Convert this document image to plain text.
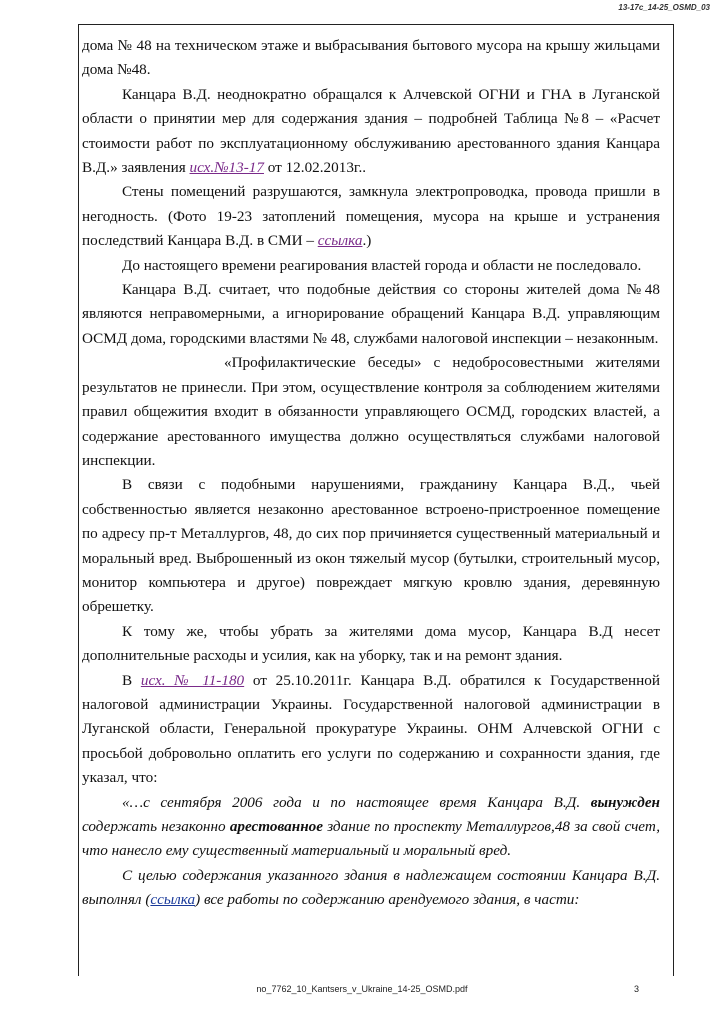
13-17c_14-25_OSMD_03

дома № 48 на техническом этаже и выбрасывания бытового мусора на крышу жильцами дома №48.

Канцара В.Д. неоднократно обращался к Алчевской ОГНИ и ГНА в Луганской области о принятии мер для содержания здания – подробней Таблица №8 – «Расчет стоимости работ по эксплуатационному обслуживанию арестованного здания Канцара В.Д.» заявления исх.№13-17 от 12.02.2013г..

Стены помещений разрушаются, замкнула электропроводка, провода пришли в негодность. (Фото 19-23 затоплений помещения, мусора на крыше и устранения последствий Канцара В.Д. в СМИ – ссылка.)

До настоящего времени реагирования властей города и области не последовало.

Канцара В.Д. считает, что подобные действия со стороны жителей дома №48 являются неправомерными, а игнорирование обращений Канцара В.Д. управляющим ОСМД дома, городскими властями № 48, службами налоговой инспекции – незаконным.

«Профилактические беседы» с недобросовестными жителями результатов не принесли. При этом, осуществление контроля за соблюдением жителями правил общежития входит в обязанности управляющего ОСМД, городских властей, а содержание арестованного имущества должно осуществляться службами налоговой инспекции.

В связи с подобными нарушениями, гражданину Канцара В.Д., чьей собственностью является незаконно арестованное встроено-пристроенное помещение по адресу пр-т Металлургов, 48, до сих пор причиняется существенный материальный и моральный вред. Выброшенный из окон тяжелый мусор (бутылки, строительный мусор, монитор компьютера и другое) повреждает мягкую кровлю здания, деревянную обрешетку.

К тому же, чтобы убрать за жителями дома мусор, Канцара В.Д несет дополнительные расходы и усилия, как на уборку, так и на ремонт здания.

В исх. № 11-180 от 25.10.2011г. Канцара В.Д. обратился к Государственной налоговой администрации Украины. Государственной налоговой администрации в Луганской области, Генеральной прокуратуре Украины. ОНМ Алчевской ОГНИ с просьбой добровольно оплатить его услуги по содержанию и сохранности здания, где указал, что:

«…с сентября 2006 года и по настоящее время Канцара В.Д. вынужден содержать незаконно арестованное здание по проспекту Металлургов,48 за свой счет, что нанесло ему существенный материальный и моральный вред.

С целью содержания указанного здания в надлежащем состоянии Канцара В.Д. выполнял (ссылка) все работы по содержанию арендуемого здания, в части:

no_7762_10_Kantsers_v_Ukraine_14-25_OSMD.pdf	3
